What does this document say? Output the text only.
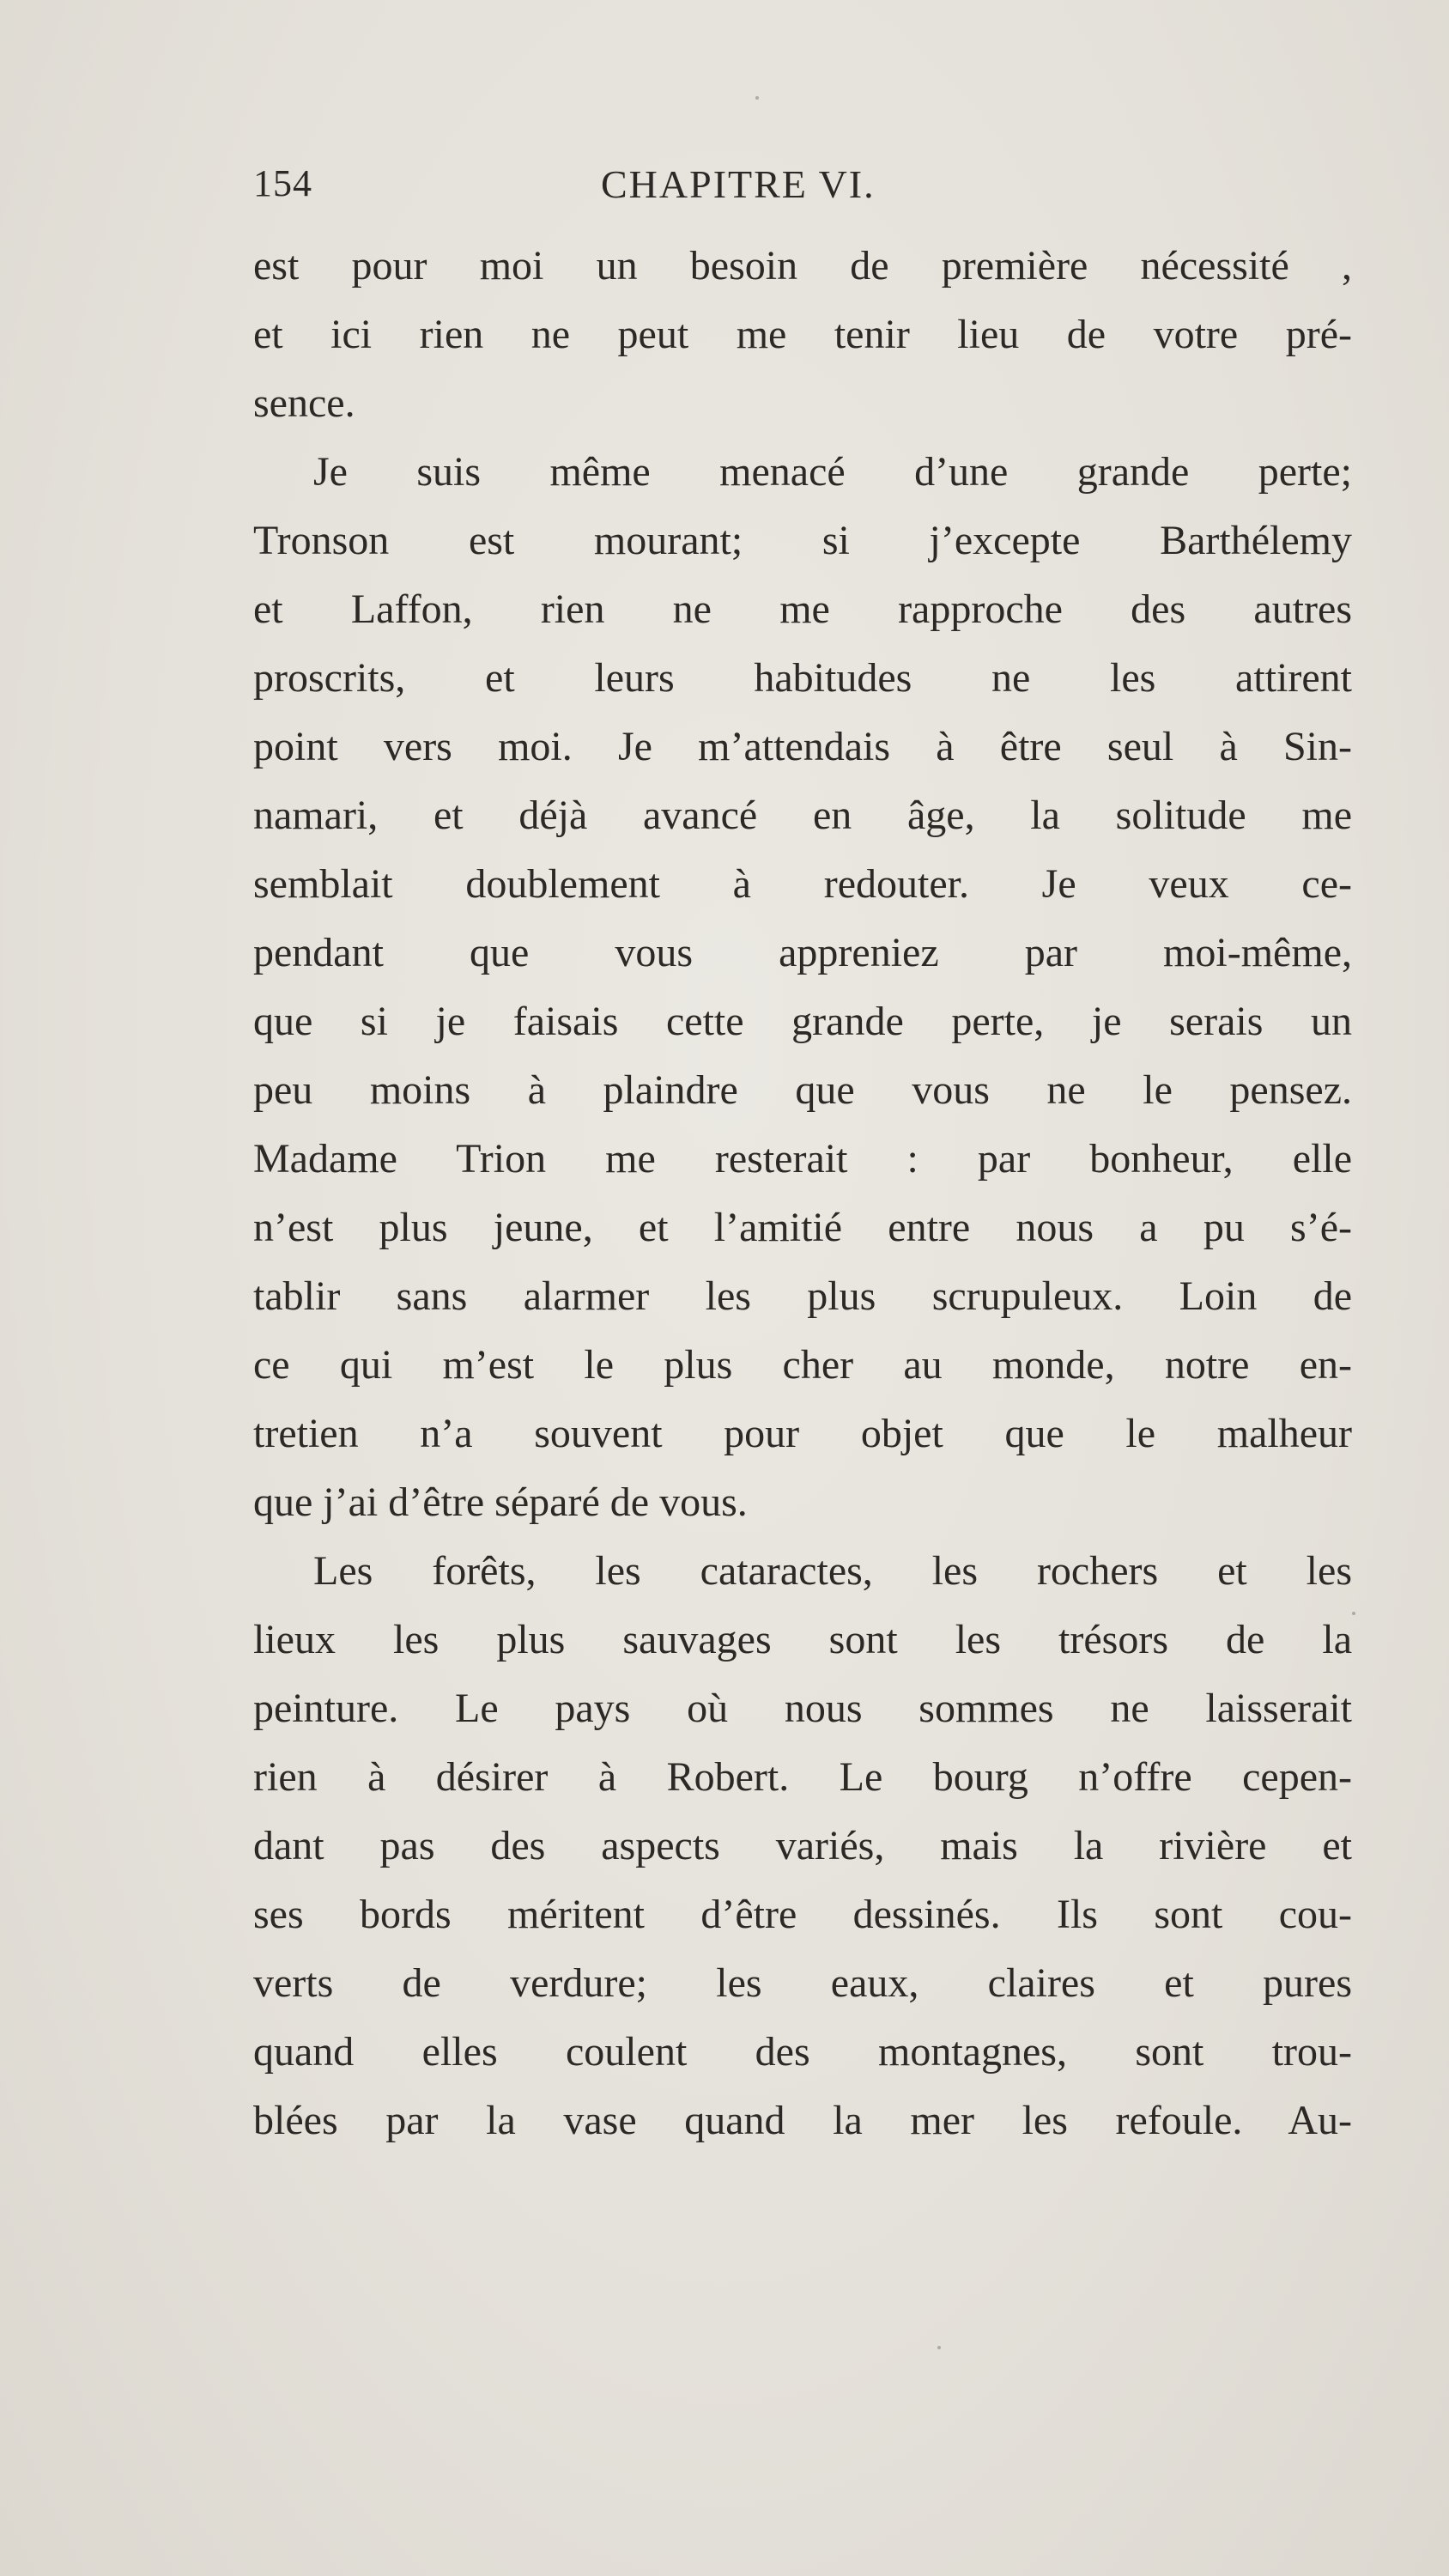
154	CHAPITRE VI.
est pour moi un besoin de première nécessité ,
et ici rien ne peut me tenir lieu de votre pré-
sence.
Je suis même menacé d’une grande perte;
Tronson est mourant; si j’excepte Barthélemy
et Laffon, rien ne me rapproche des autres
proscrits, et leurs habitudes ne les attirent
point vers moi. Je m’attendais à être seul à Sin-
namari, et déjà avancé en âge, la solitude me
semblait doublement à redouter. Je veux ce-
pendant que vous appreniez par moi-même,
que si je faisais cette grande perte, je serais un
peu moins à plaindre que vous ne le pensez.
Madame Trion me resterait : par bonheur, elle
n’est plus jeune, et l’amitié entre nous a pu s’é-
tablir sans alarmer les plus scrupuleux. Loin de
ce qui m’est le plus cher au monde, notre en-
tretien n’a souvent pour objet que le malheur
que j’ai d’être séparé de vous.
Les forêts, les cataractes, les rochers et les
lieux les plus sauvages sont les trésors de la
peinture. Le pays où nous sommes ne laisserait
rien à désirer à Robert. Le bourg n’offre cepen-
dant pas des aspects variés, mais la rivière et
ses bords méritent d’être dessinés. Ils sont cou-
verts de verdure; les eaux, claires et pures
quand elles coulent des montagnes, sont trou-
blées par la vase quand la mer les refoule. Au-
